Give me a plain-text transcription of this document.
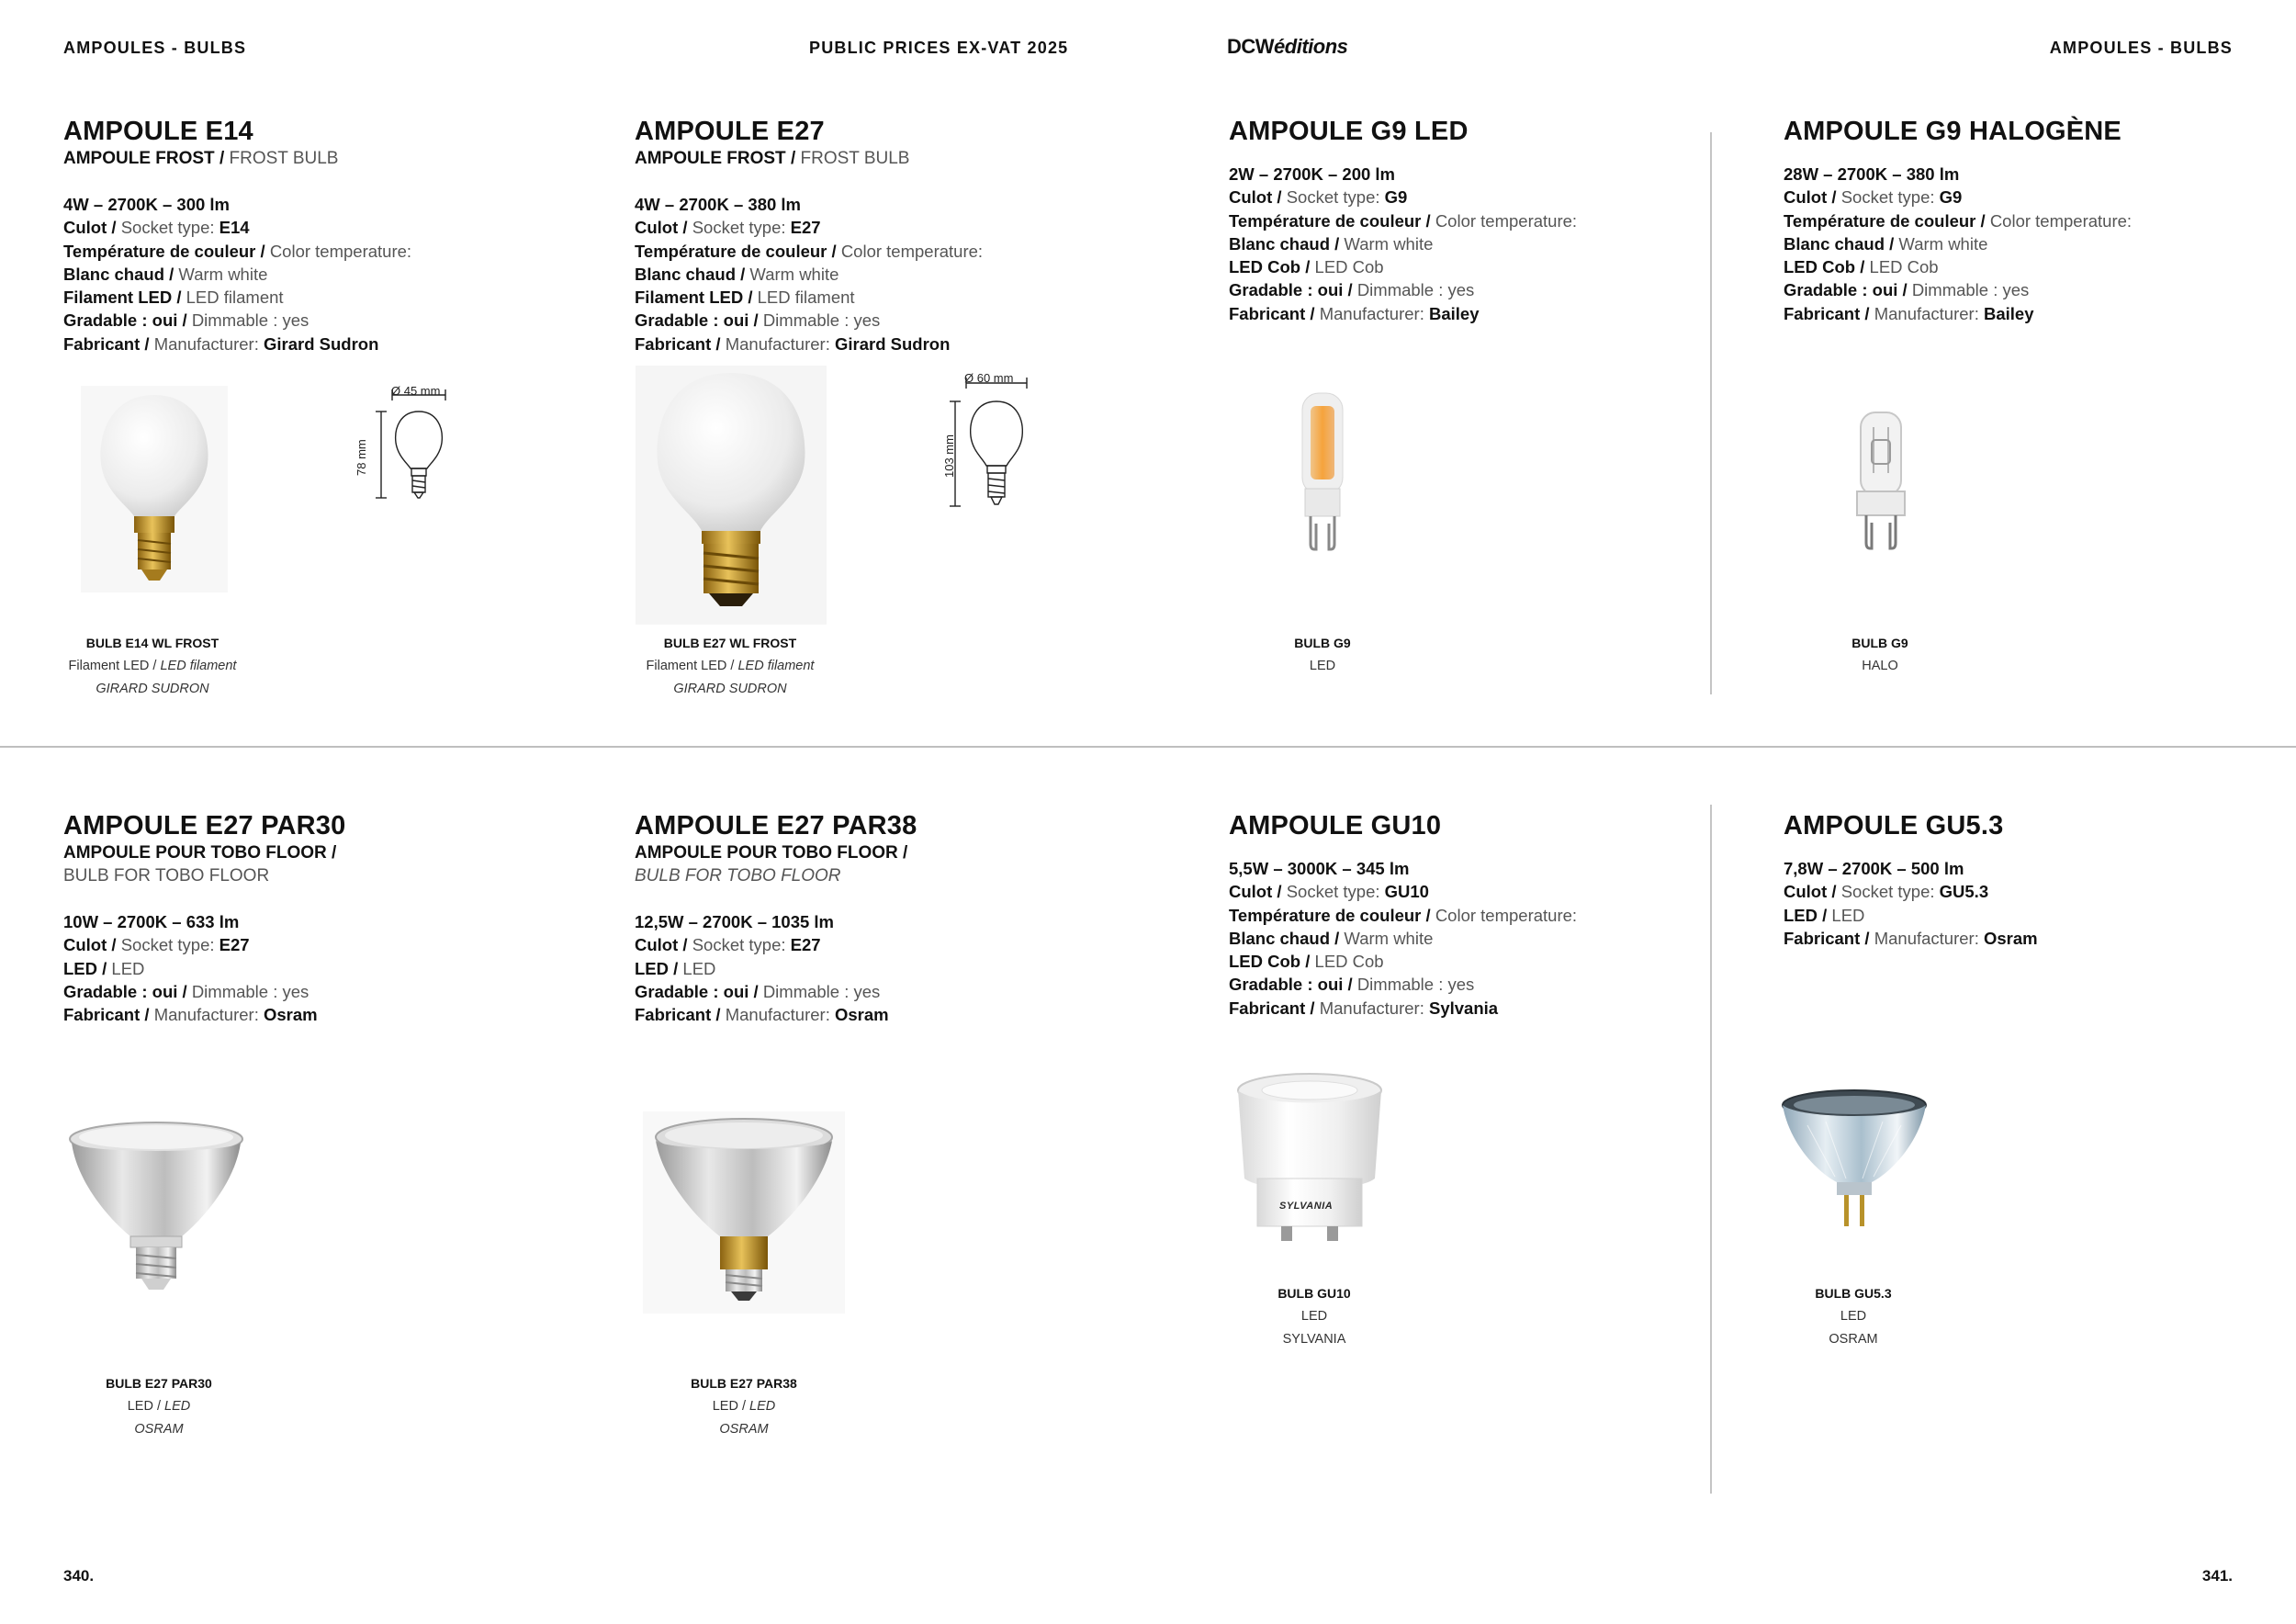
AMPOULES - BULBS	PUBLIC PRICES EX-VAT 2025	DCWéditions	AMPOULES - BULBS
AMPOULE E14
AMPOULE FROST / FROST BULB
4W – 2700K – 300 lm
Culot / Socket type: E14
Température de couleur / Color temperature:
Blanc chaud / Warm white
Filament LED / LED filament
Gradable : oui / Dimmable : yes
Fabricant / Manufacturer: Girard Sudron
Ø 45 mm
78 mm
BULB E14 WL FROST
Filament LED / LED filament
GIRARD SUDRON
AMPOULE E27
AMPOULE FROST / FROST BULB
4W – 2700K – 380 lm
Culot / Socket type: E27
Température de couleur / Color temperature:
Blanc chaud / Warm white
Filament LED / LED filament
Gradable : oui / Dimmable : yes
Fabricant / Manufacturer: Girard Sudron
Ø 60 mm
103 mm
BULB E27 WL FROST
Filament LED / LED filament
GIRARD SUDRON
AMPOULE G9 LED
2W – 2700K – 200 lm
Culot / Socket type: G9
Température de couleur / Color temperature:
Blanc chaud / Warm white
LED Cob / LED Cob
Gradable : oui / Dimmable : yes
Fabricant / Manufacturer: Bailey
BULB G9
LED
AMPOULE G9 HALOGÈNE
28W – 2700K – 380 lm
Culot / Socket type: G9
Température de couleur / Color temperature:
Blanc chaud / Warm white
LED Cob / LED Cob
Gradable : oui / Dimmable : yes
Fabricant / Manufacturer: Bailey
BULB G9
HALO
AMPOULE E27 PAR30
AMPOULE POUR TOBO FLOOR /
BULB FOR TOBO FLOOR
10W – 2700K – 633 lm
Culot / Socket type: E27
LED / LED
Gradable : oui / Dimmable : yes
Fabricant / Manufacturer: Osram
BULB E27 PAR30
LED / LED
OSRAM
AMPOULE E27 PAR38
AMPOULE POUR TOBO FLOOR /
BULB FOR TOBO FLOOR
12,5W – 2700K – 1035 lm
Culot / Socket type: E27
LED / LED
Gradable : oui / Dimmable : yes
Fabricant / Manufacturer: Osram
BULB E27 PAR38
LED / LED
OSRAM
AMPOULE GU10
5,5W – 3000K – 345 lm
Culot / Socket type: GU10
Température de couleur / Color temperature:
Blanc chaud / Warm white
LED Cob / LED Cob
Gradable : oui / Dimmable : yes
Fabricant / Manufacturer: Sylvania
SYLVANIA
BULB GU10
LED
SYLVANIA
AMPOULE GU5.3
7,8W – 2700K – 500 lm
Culot / Socket type: GU5.3
LED / LED
Fabricant / Manufacturer: Osram
BULB GU5.3
LED
OSRAM
340.	341.
